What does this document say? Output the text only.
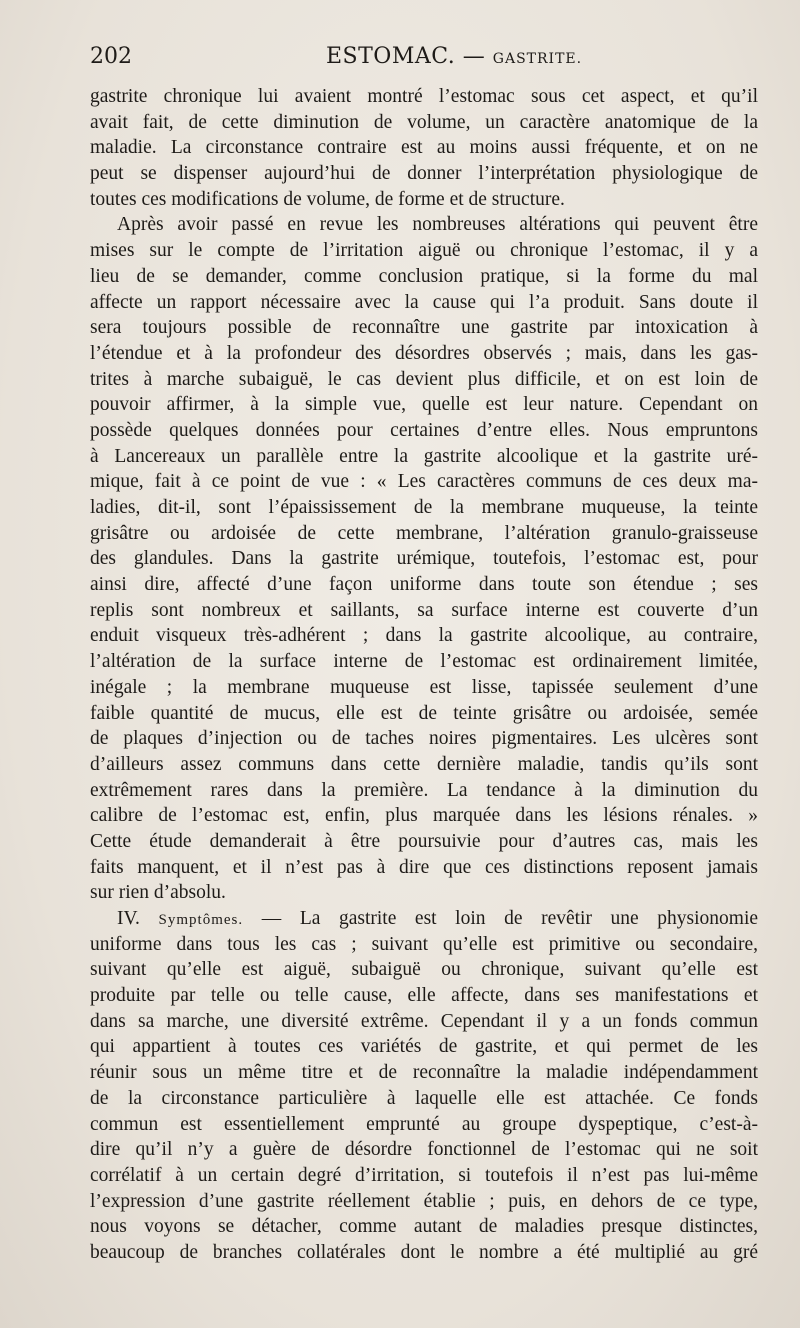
202	ESTOMAC. — GASTRITE.
gastrite chronique lui avaient montré l’estomac sous cet aspect, et qu’il
avait fait, de cette diminution de volume, un caractère anatomique de la
maladie. La circonstance contraire est au moins aussi fréquente, et on ne
peut se dispenser aujourd’hui de donner l’interprétation physiologique de
toutes ces modifications de volume, de forme et de structure.
Après avoir passé en revue les nombreuses altérations qui peuvent être
mises sur le compte de l’irritation aiguë ou chronique l’estomac, il y a
lieu de se demander, comme conclusion pratique, si la forme du mal
affecte un rapport nécessaire avec la cause qui l’a produit. Sans doute il
sera toujours possible de reconnaître une gastrite par intoxication à
l’étendue et à la profondeur des désordres observés ; mais, dans les gas-
trites à marche subaiguë, le cas devient plus difficile, et on est loin de
pouvoir affirmer, à la simple vue, quelle est leur nature. Cependant on
possède quelques données pour certaines d’entre elles. Nous empruntons
à Lancereaux un parallèle entre la gastrite alcoolique et la gastrite uré-
mique, fait à ce point de vue : « Les caractères communs de ces deux ma-
ladies, dit-il, sont l’épaississement de la membrane muqueuse, la teinte
grisâtre ou ardoisée de cette membrane, l’altération granulo-graisseuse
des glandules. Dans la gastrite urémique, toutefois, l’estomac est, pour
ainsi dire, affecté d’une façon uniforme dans toute son étendue ; ses
replis sont nombreux et saillants, sa surface interne est couverte d’un
enduit visqueux très-adhérent ; dans la gastrite alcoolique, au contraire,
l’altération de la surface interne de l’estomac est ordinairement limitée,
inégale ; la membrane muqueuse est lisse, tapissée seulement d’une
faible quantité de mucus, elle est de teinte grisâtre ou ardoisée, semée
de plaques d’injection ou de taches noires pigmentaires. Les ulcères sont
d’ailleurs assez communs dans cette dernière maladie, tandis qu’ils sont
extrêmement rares dans la première. La tendance à la diminution du
calibre de l’estomac est, enfin, plus marquée dans les lésions rénales. »
Cette étude demanderait à être poursuivie pour d’autres cas, mais les
faits manquent, et il n’est pas à dire que ces distinctions reposent jamais
sur rien d’absolu.
IV. Symptômes. — La gastrite est loin de revêtir une physionomie
uniforme dans tous les cas ; suivant qu’elle est primitive ou secondaire,
suivant qu’elle est aiguë, subaiguë ou chronique, suivant qu’elle est
produite par telle ou telle cause, elle affecte, dans ses manifestations et
dans sa marche, une diversité extrême. Cependant il y a un fonds commun
qui appartient à toutes ces variétés de gastrite, et qui permet de les
réunir sous un même titre et de reconnaître la maladie indépendamment
de la circonstance particulière à laquelle elle est attachée. Ce fonds
commun est essentiellement emprunté au groupe dyspeptique, c’est-à-
dire qu’il n’y a guère de désordre fonctionnel de l’estomac qui ne soit
corrélatif à un certain degré d’irritation, si toutefois il n’est pas lui-même
l’expression d’une gastrite réellement établie ; puis, en dehors de ce type,
nous voyons se détacher, comme autant de maladies presque distinctes,
beaucoup de branches collatérales dont le nombre a été multiplié au gré
